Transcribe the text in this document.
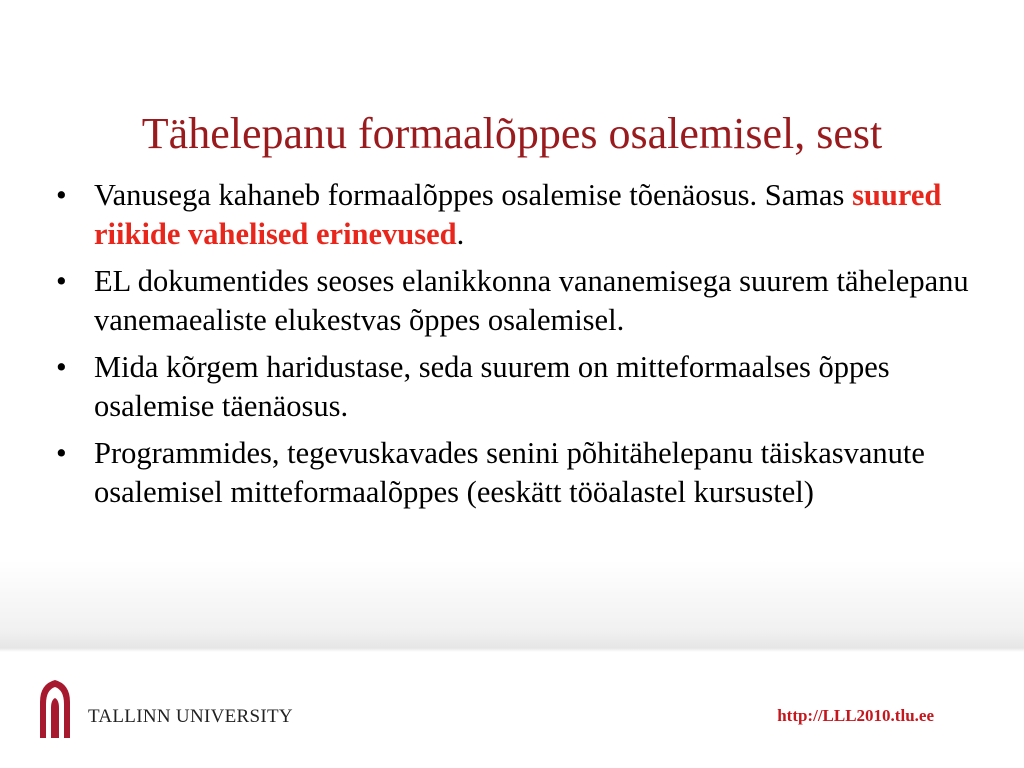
Tähelepanu formaalõppes osalemisel, sest
• Vanusega kahaneb formaalõppes osalemise tõenäosus. Samas suured riikide vahelised erinevused.
• EL dokumentides seoses elanikkonna vananemisega suurem tähelepanu vanemaealiste elukestvas õppes osalemisel.
• Mida kõrgem haridustase, seda suurem on mitteformaalses õppes osalemise täenäosus.
• Programmides, tegevuskavades senini põhitähelepanu täiskasvanute osalemisel mitteformaalõppes (eeskätt tööalastel kursustel)
TALLINN UNIVERSITY	http://LLL2010.tlu.ee
